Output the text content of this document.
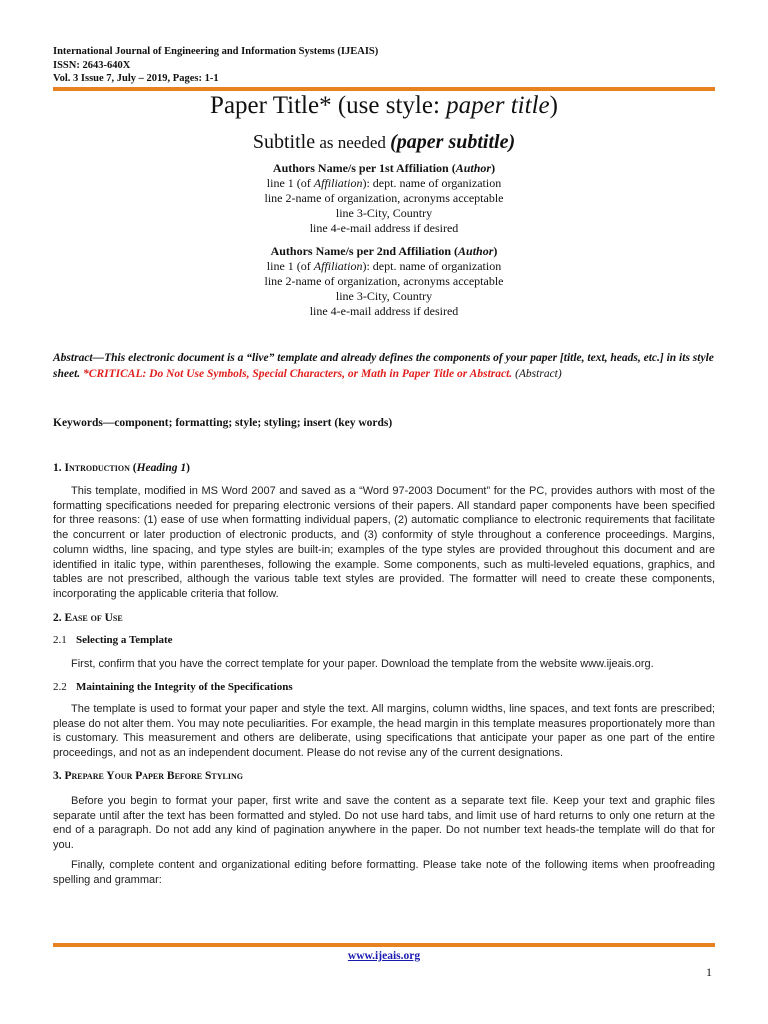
International Journal of Engineering and Information Systems (IJEAIS)
ISSN: 2643-640X
Vol. 3 Issue 7, July – 2019, Pages: 1-1
Paper Title* (use style: paper title)
Subtitle as needed (paper subtitle)
Authors Name/s per 1st Affiliation (Author)
line 1 (of Affiliation): dept. name of organization
line 2-name of organization, acronyms acceptable
line 3-City, Country
line 4-e-mail address if desired
Authors Name/s per 2nd Affiliation (Author)
line 1 (of Affiliation): dept. name of organization
line 2-name of organization, acronyms acceptable
line 3-City, Country
line 4-e-mail address if desired
Abstract—This electronic document is a “live” template and already defines the components of your paper [title, text, heads, etc.] in its style sheet. *CRITICAL: Do Not Use Symbols, Special Characters, or Math in Paper Title or Abstract. (Abstract)
Keywords—component; formatting; style; styling; insert (key words)
1. Introduction (Heading 1)
This template, modified in MS Word 2007 and saved as a “Word 97-2003 Document” for the PC, provides authors with most of the formatting specifications needed for preparing electronic versions of their papers. All standard paper components have been specified for three reasons: (1) ease of use when formatting individual papers, (2) automatic compliance to electronic requirements that facilitate the concurrent or later production of electronic products, and (3) conformity of style throughout a conference proceedings. Margins, column widths, line spacing, and type styles are built-in; examples of the type styles are provided throughout this document and are identified in italic type, within parentheses, following the example. Some components, such as multi-leveled equations, graphics, and tables are not prescribed, although the various table text styles are provided. The formatter will need to create these components, incorporating the applicable criteria that follow.
2. Ease of Use
2.1 Selecting a Template
First, confirm that you have the correct template for your paper. Download the template from the website www.ijeais.org.
2.2 Maintaining the Integrity of the Specifications
The template is used to format your paper and style the text. All margins, column widths, line spaces, and text fonts are prescribed; please do not alter them. You may note peculiarities. For example, the head margin in this template measures proportionately more than is customary. This measurement and others are deliberate, using specifications that anticipate your paper as one part of the entire proceedings, and not as an independent document. Please do not revise any of the current designations.
3. Prepare Your Paper Before Styling
Before you begin to format your paper, first write and save the content as a separate text file. Keep your text and graphic files separate until after the text has been formatted and styled. Do not use hard tabs, and limit use of hard returns to only one return at the end of a paragraph. Do not add any kind of pagination anywhere in the paper. Do not number text heads-the template will do that for you.
Finally, complete content and organizational editing before formatting. Please take note of the following items when proofreading spelling and grammar:
www.ijeais.org
1
